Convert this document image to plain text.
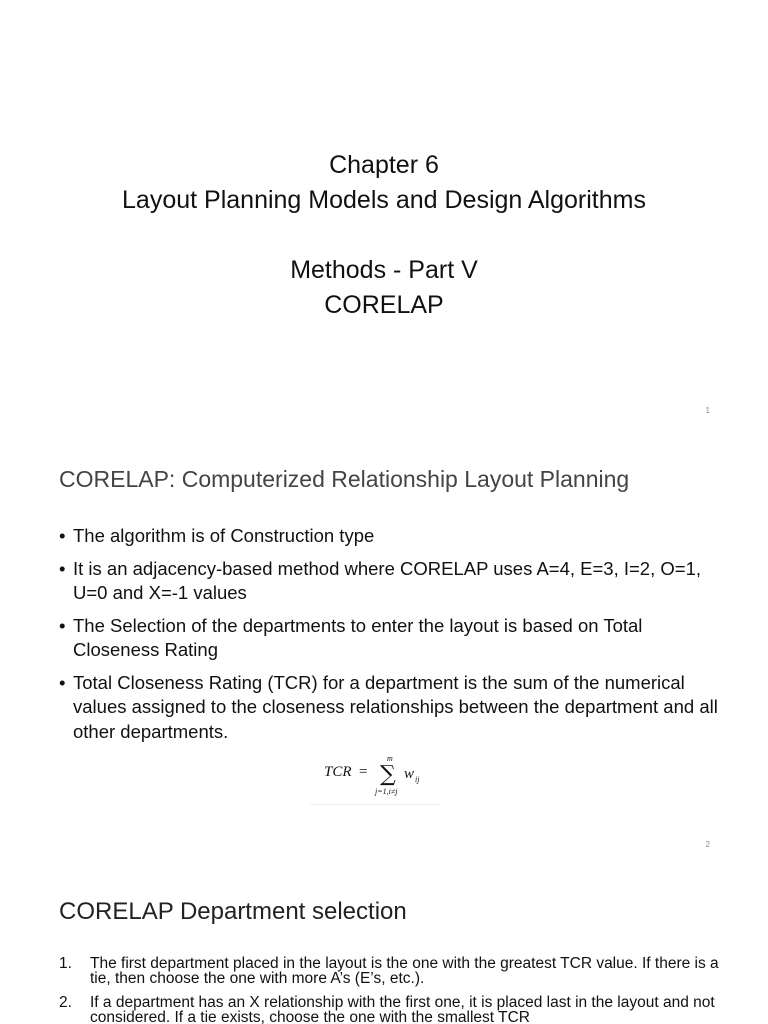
Chapter 6
Layout Planning Models and Design Algorithms
Methods - Part V
CORELAP
1
CORELAP: Computerized Relationship Layout Planning
• The algorithm is of Construction type
• It is an adjacency-based method where CORELAP uses A=4, E=3, I=2, O=1, U=0 and X=-1 values
• The Selection of the departments to enter the layout is based on Total Closeness Rating
• Total Closeness Rating (TCR) for a department is the sum of the numerical values assigned to the closeness relationships between the department and all other departments.
TCR =
m
∑ w ij
j=1,i≠j
2
CORELAP Department selection
1. The first department placed in the layout is the one with the greatest TCR value. If there is a tie, then choose the one with more A’s (E’s, etc.).
2. If a department has an X relationship with the first one, it is placed last in the layout and not considered. If a tie exists, choose the one with the smallest TCR
